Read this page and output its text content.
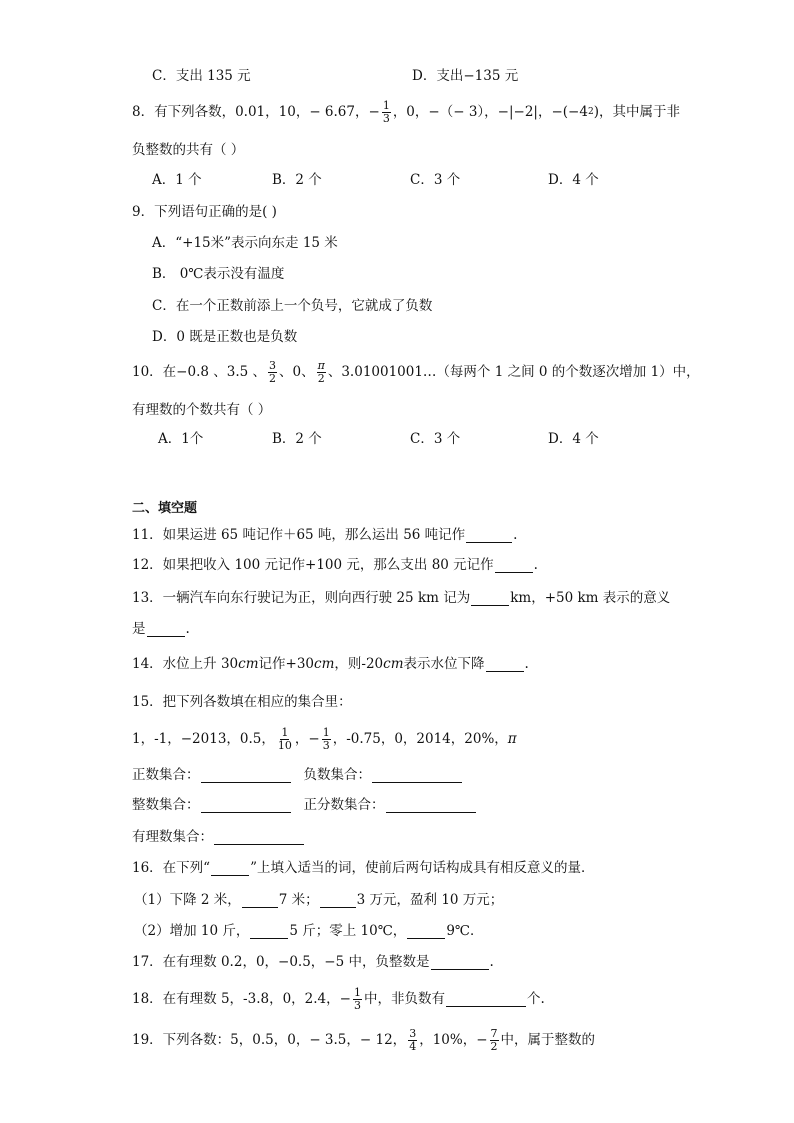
C．支出 135 元	D．支出−135 元
8．有下列各数，0.01，10，− 6.67，− $\frac{1}{3}$ ，0，−（− 3），− |−2| ，− (−4 2 ) ，其中属于非
负整数的共有（ ）
A．1 个	B．2 个	C．3 个	D．4 个
9．下列语句正确的是( )
A．“+15米”表示向东走 15 米
B． 0℃表示没有温度
C．在一个正数前添上一个负号，它就成了负数
D．0 既是正数也是负数
10．在−0.8 、3.5 、 $\frac{3}{2}$ 、0、 $\frac{\pi}{2}$ 、3.01001001…（每两个 1 之间 0 的个数逐次增加 1）中，
有理数的个数共有（ ）
A．1个	B．2 个	C．3 个	D．4 个
二、填空题
11．如果运进 65 吨记作＋65 吨，那么运出 56 吨记作	.
12．如果把收入 100 元记作+100 元，那么支出 80 元记作	.
13．一辆汽车向东行驶记为正，则向西行驶 25 km 记为	km，+50 km 表示的意义
是	.
14．水位上升 30 cm 记作+30 cm ，则-20 cm 表示水位下降	.
15．把下列各数填在相应的集合里：
1，-1，−2013，0.5， $\frac{1}{10}$ ，− $\frac{1}{3}$ ，-0.75，0，2014，20%， π
正数集合：	负数集合：
整数集合：	正分数集合：
有理数集合：
16．在下列“	”上填入适当的词，使前后两句话构成具有相反意义的量．
（1）下降 2 米，	7 米；	3 万元，盈利 10 万元；
（2）增加 10 斤，	5 斤；零上 10℃，	9℃．
17．在有理数 0.2，0，−0.5，−5 中，负整数是	.
18．在有理数 5，-3.8，0，2.4，− $\frac{1}{3}$ 中，非负数有	个.
19．下列各数：5，0.5，0，− 3.5，− 12， $\frac{3}{4}$ ，10%，− $\frac{7}{2}$ 中，属于整数的
